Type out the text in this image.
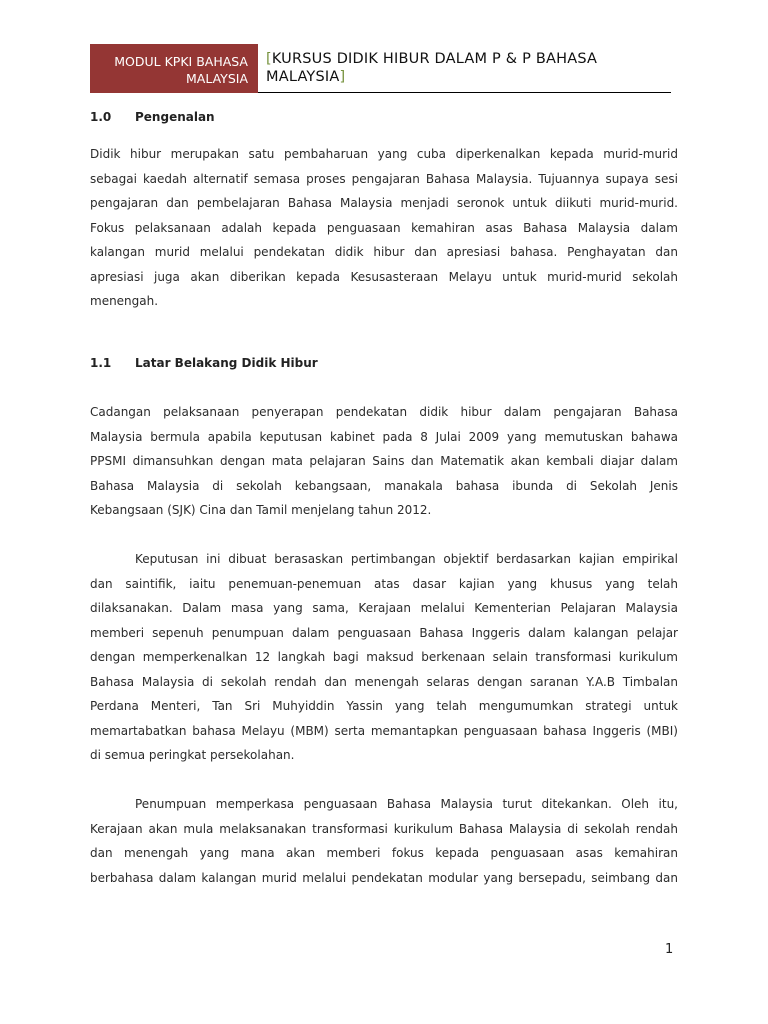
MODUL KPKI BAHASA
MALAYSIA
[KURSUS DIDIK HIBUR DALAM P & P BAHASA
MALAYSIA]
1.0 Pengenalan
Didik hibur merupakan satu pembaharuan yang cuba diperkenalkan kepada murid-murid
sebagai kaedah alternatif semasa proses pengajaran Bahasa Malaysia. Tujuannya supaya sesi
pengajaran dan pembelajaran Bahasa Malaysia menjadi seronok untuk diikuti murid-murid.
Fokus pelaksanaan adalah kepada penguasaan kemahiran asas Bahasa Malaysia dalam
kalangan murid melalui pendekatan didik hibur dan apresiasi bahasa. Penghayatan dan
apresiasi juga akan diberikan kepada Kesusasteraan Melayu untuk murid-murid sekolah
menengah.
1.1 Latar Belakang Didik Hibur
Cadangan pelaksanaan penyerapan pendekatan didik hibur dalam pengajaran Bahasa
Malaysia bermula apabila keputusan kabinet pada 8 Julai 2009 yang memutuskan bahawa
PPSMI dimansuhkan dengan mata pelajaran Sains dan Matematik akan kembali diajar dalam
Bahasa Malaysia di sekolah kebangsaan, manakala bahasa ibunda di Sekolah Jenis
Kebangsaan (SJK) Cina dan Tamil menjelang tahun 2012.
Keputusan ini dibuat berasaskan pertimbangan objektif berdasarkan kajian empirikal
dan saintifik, iaitu penemuan-penemuan atas dasar kajian yang khusus yang telah
dilaksanakan. Dalam masa yang sama, Kerajaan melalui Kementerian Pelajaran Malaysia
memberi sepenuh penumpuan dalam penguasaan Bahasa Inggeris dalam kalangan pelajar
dengan memperkenalkan 12 langkah bagi maksud berkenaan selain transformasi kurikulum
Bahasa Malaysia di sekolah rendah dan menengah selaras dengan saranan Y.A.B Timbalan
Perdana Menteri, Tan Sri Muhyiddin Yassin yang telah mengumumkan strategi untuk
memartabatkan bahasa Melayu (MBM) serta memantapkan penguasaan bahasa Inggeris (MBI)
di semua peringkat persekolahan.
Penumpuan memperkasa penguasaan Bahasa Malaysia turut ditekankan. Oleh itu,
Kerajaan akan mula melaksanakan transformasi kurikulum Bahasa Malaysia di sekolah rendah
dan menengah yang mana akan memberi fokus kepada penguasaan asas kemahiran
berbahasa dalam kalangan murid melalui pendekatan modular yang bersepadu, seimbang dan
1
